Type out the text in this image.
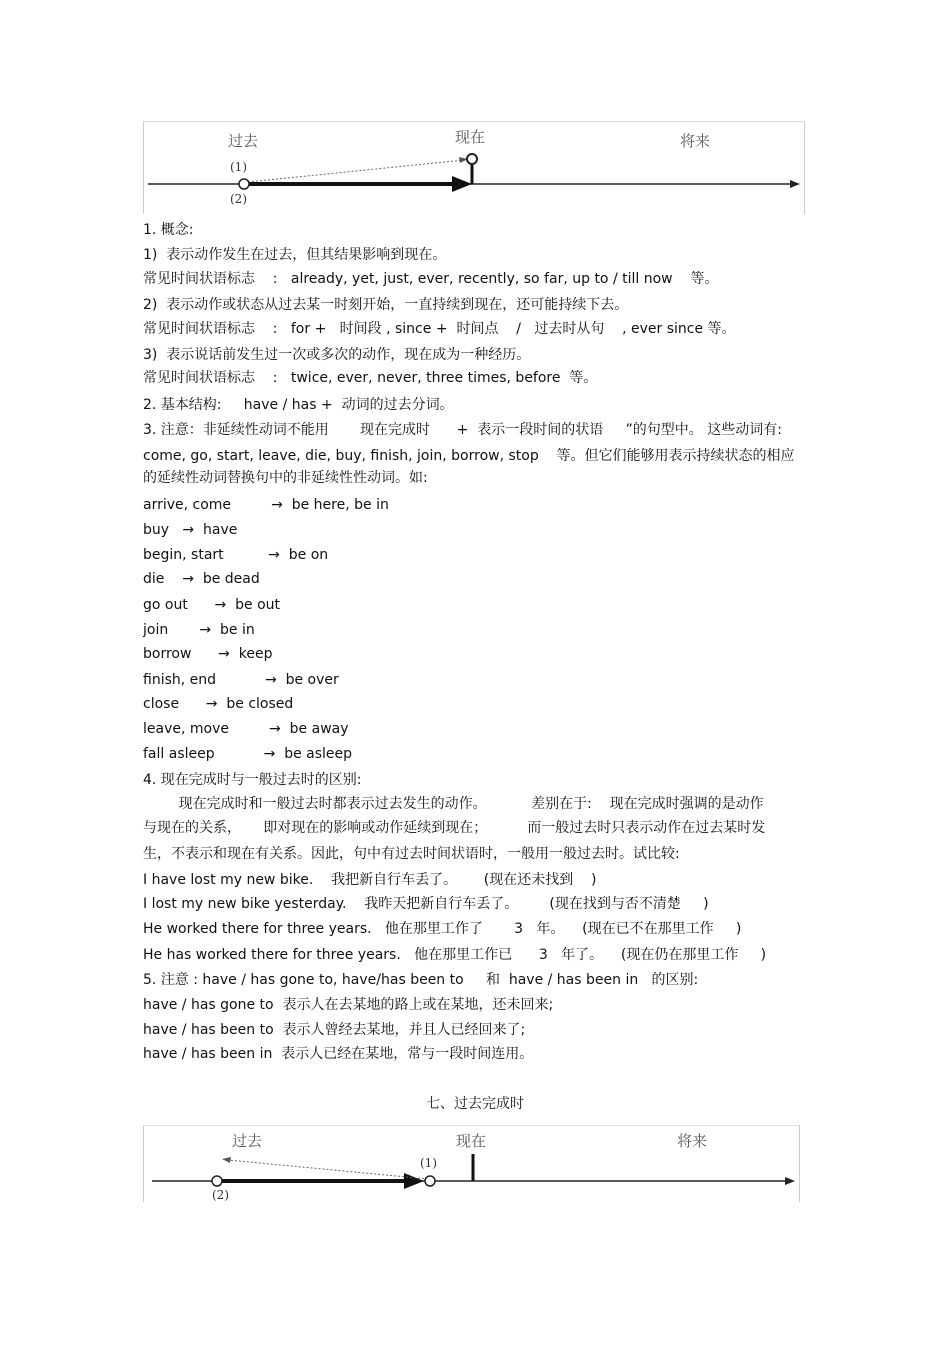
过去	现在	将来
(1)
(2)
1. 概念:
1)  表示动作发生在过去，但其结果影响到现在。
常见时间状语标志    :   already, yet, just, ever, recently, so far, up to / till now    等。
2)  表示动作或状态从过去某一时刻开始，一直持续到现在，还可能持续下去。
常见时间状语标志    :   for +   时间段 , since +  时间点    /   过去时从句    , ever since 等。
3)  表示说话前发生过一次或多次的动作，现在成为一种经历。
常见时间状语标志    :   twice, ever, never, three times, before  等。
2. 基本结构:     have / has +  动词的过去分词。
3. 注意：非延续性动词不能用       现在完成时      +  表示一段时间的状语     ”的句型中。 这些动词有:
come, go, start, leave, die, buy, finish, join, borrow, stop    等。但它们能够用表示持续状态的相应
的延续性动词替换句中的非延续性性动词。如:
arrive, come         →  be here, be in
buy   →  have
begin, start          →  be on
die    →  be dead
go out      →  be out
join       →  be in
borrow      →  keep
finish, end           →  be over
close      →  be closed
leave, move         →  be away
fall asleep           →  be asleep
4. 现在完成时与一般过去时的区别:
现在完成时和一般过去时都表示过去发生的动作。          差别在于:    现在完成时强调的是动作
与现在的关系，     即对现在的影响或动作延续到现在；         而一般过去时只表示动作在过去某时发
生，不表示和现在有关系。因此，句中有过去时间状语时，一般用一般过去时。试比较:
I have lost my new bike.    我把新自行车丢了。      (现在还未找到    )
I lost my new bike yesterday.    我昨天把新自行车丢了。       (现在找到与否不清楚     )
He worked there for three years.   他在那里工作了       3   年。    (现在已不在那里工作     )
He has worked there for three years.   他在那里工作已      3   年了。    (现在仍在那里工作     )
5. 注意 : have / has gone to, have/has been to     和  have / has been in   的区别:
have / has gone to  表示人在去某地的路上或在某地，还未回来;
have / has been to  表示人曾经去某地，并且人已经回来了;
have / has been in  表示人已经在某地，常与一段时间连用。
七、过去完成时
过去	现在	将来
(1)
(2)
